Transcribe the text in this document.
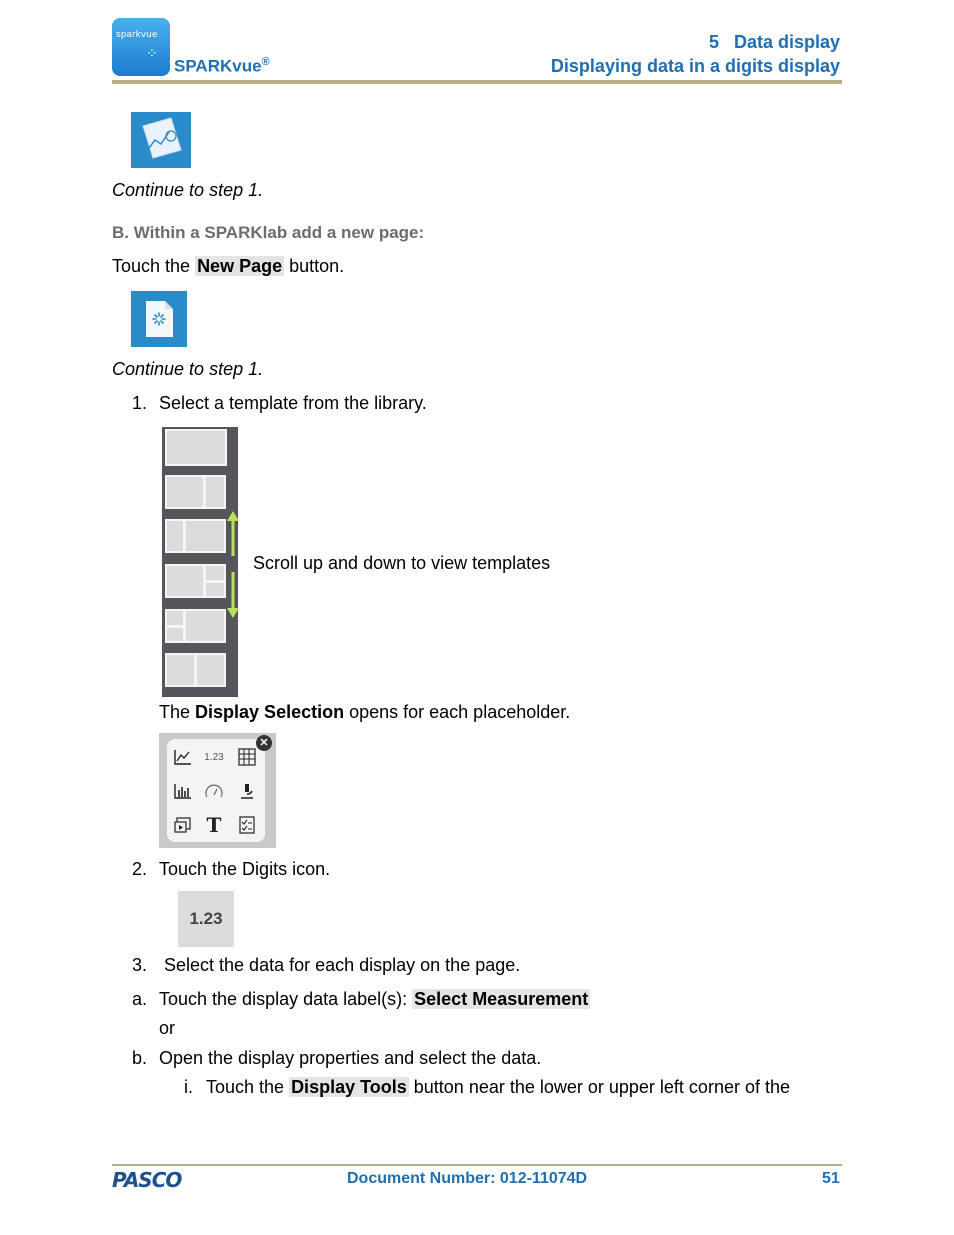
sparkvue
⁘
SPARKvue®
5   Data display
Displaying data in a digits display
Continue to step 1.
B. Within a SPARKlab add a new page:
Touch the New Page button.
Continue to step 1.
1. Select a template from the library.
Scroll up and down to view templates
The Display Selection opens for each placeholder.
1.23
T
✕
2. Touch the Digits icon.
1.23
3. Select the data for each display on the page.
a. Touch the display data label(s): Select Measurement
or
b. Open the display properties and select the data.
i. Touch the Display Tools button near the lower or upper left corner of the
PASCO	Document Number: 012-11074D	51
